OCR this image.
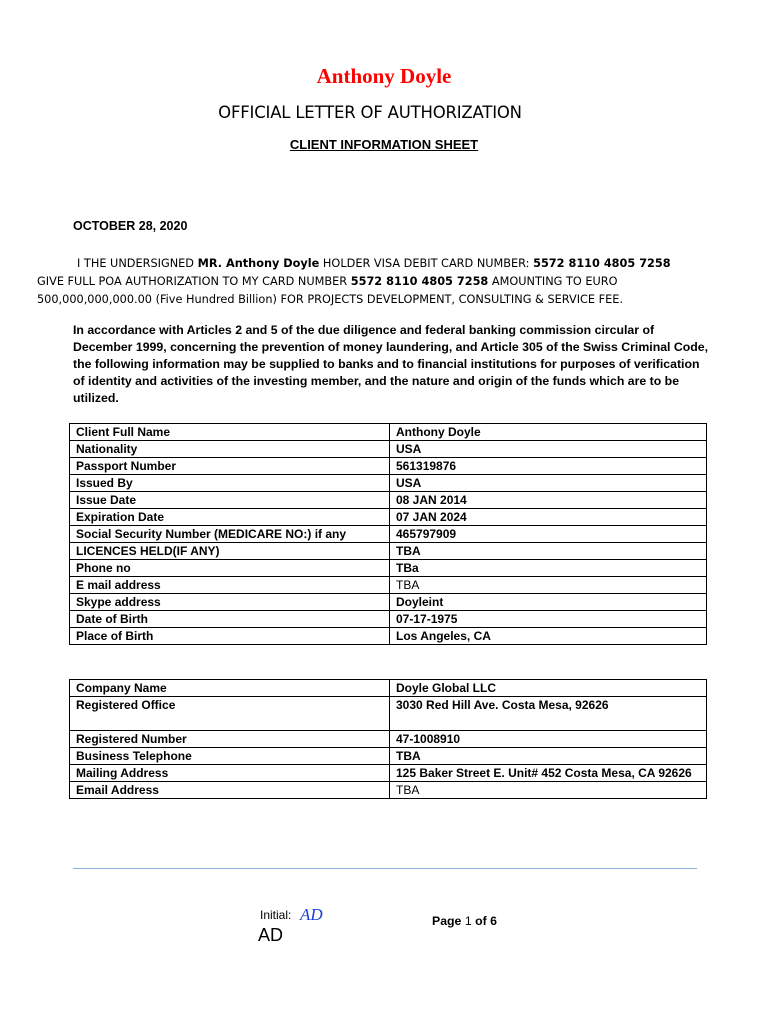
Anthony Doyle
OFFICIAL LETTER OF AUTHORIZATION
CLIENT INFORMATION SHEET
OCTOBER 28, 2020
I THE UNDERSIGNED MR. Anthony Doyle HOLDER VISA DEBIT CARD NUMBER: 5572 8110 4805 7258
GIVE FULL POA AUTHORIZATION TO MY CARD NUMBER 5572 8110 4805 7258 AMOUNTING TO EURO
500,000,000,000.00 (Five Hundred Billion) FOR PROJECTS DEVELOPMENT, CONSULTING & SERVICE FEE.
In accordance with Articles 2 and 5 of the due diligence and federal banking commission circular of December 1999, concerning the prevention of money laundering, and Article 305 of the Swiss Criminal Code, the following information may be supplied to banks and to financial institutions for purposes of verification of identity and activities of the investing member, and the nature and origin of the funds which are to be utilized.
Client Full Name	Anthony Doyle
Nationality	USA
Passport Number	561319876
Issued By	USA
Issue Date	08 JAN 2014
Expiration Date	07 JAN 2024
Social Security Number (MEDICARE NO:) if any	465797909
LICENCES HELD(IF ANY)	TBA
Phone no	TBa
E mail address	TBA
Skype address	Doyleint
Date of Birth	07-17-1975
Place of Birth	Los Angeles, CA
Company Name	Doyle Global LLC
Registered Office	3030 Red Hill Ave. Costa Mesa, 92626
Registered Number	47-1008910
Business Telephone	TBA
Mailing Address	125 Baker Street E. Unit# 452 Costa Mesa, CA 92626
Email Address	TBA
Initial: AD
AD
Page 1 of 6
